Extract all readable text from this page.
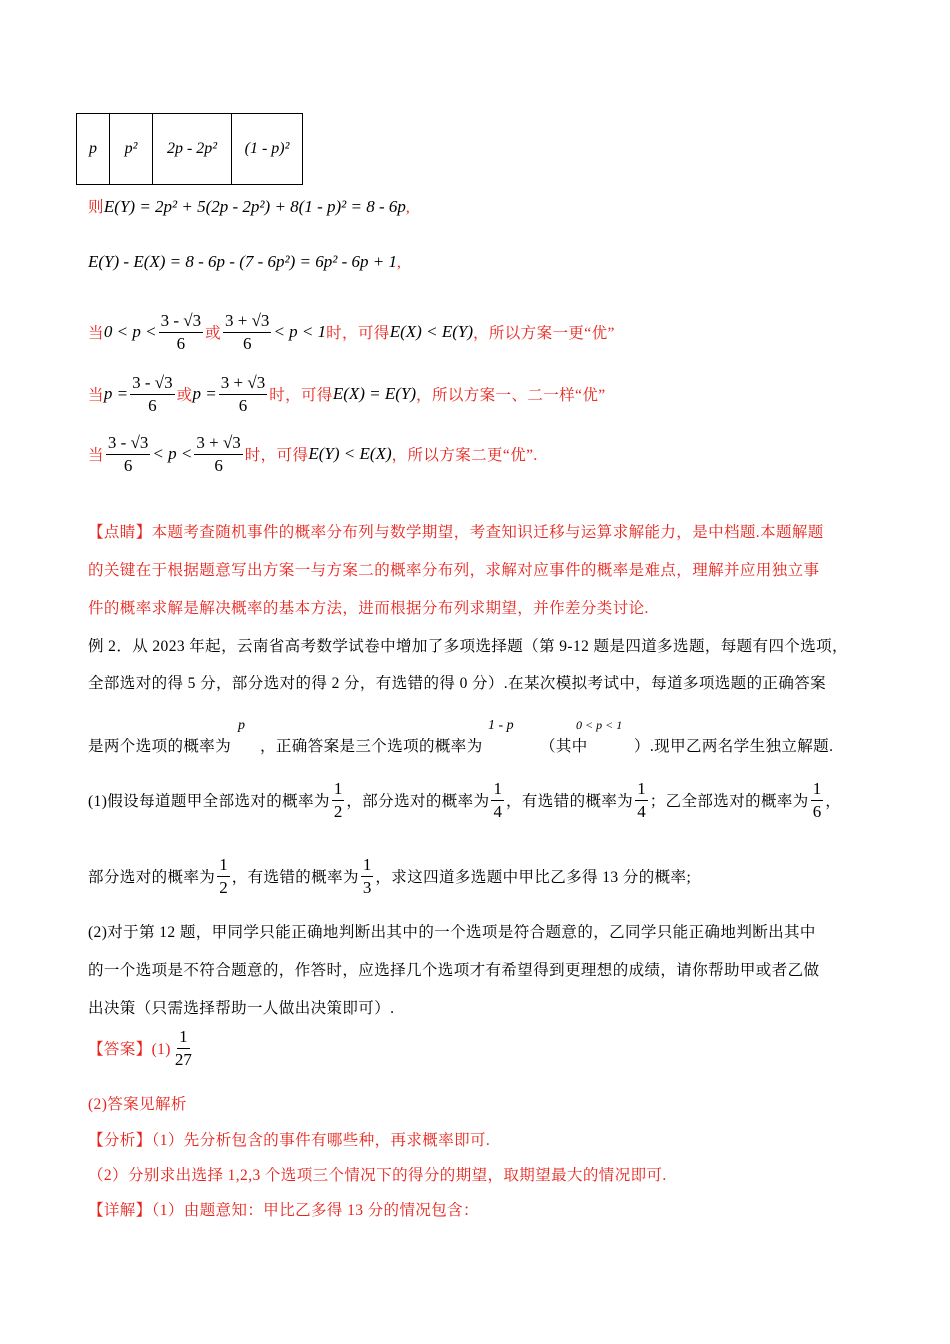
p	p²	2p - 2p²	(1 - p)²
则E(Y) = 2p² + 5(2p - 2p²) + 8(1 - p)² = 8 - 6p,
E(Y) - E(X) = 8 - 6p - (7 - 6p²) = 6p² - 6p + 1,
当 $0 < p < \frac{3 - √3}{6}$ 或 $\frac{3 + √3}{6} < p < 1$ 时，可得 E(X) < E(Y) ，所以方案一更“优”
当 $p = \frac{3 - √3}{6}$ 或 $p = \frac{3 + √3}{6}$ 时，可得 E(X) = E(Y) ，所以方案一、二一样“优”
当 $\frac{3 - √3}{6} < p < \frac{3 + √3}{6}$ 时，可得 E(Y) < E(X) ，所以方案二更“优”.
【点睛】本题考查随机事件的概率分布列与数学期望，考查知识迁移与运算求解能力，是中档题.本题解题
的关键在于根据题意写出方案一与方案二的概率分布列，求解对应事件的概率是难点，理解并应用独立事
件的概率求解是解决概率的基本方法，进而根据分布列求期望，并作差分类讨论.
例 2．从 2023 年起，云南省高考数学试卷中增加了多项选择题（第 9-12 题是四道多选题，每题有四个选项，
全部选对的得 5 分，部分选对的得 2 分，有选错的得 0 分）.在某次模拟考试中，每道多项选题的正确答案
是两个选项的概率为
p
，正确答案是三个选项的概率为
1 - p
（其中
0 < p < 1
）.现甲乙两名学生独立解题.
(1)假设每道题甲全部选对的概率为 $\frac{1}{2}$ ，部分选对的概率为 $\frac{1}{4}$ ，有选错的概率为 $\frac{1}{4}$ ；乙全部选对的概率为 $\frac{1}{6}$ ，
部分选对的概率为 $\frac{1}{2}$ ，有选错的概率为 $\frac{1}{3}$ ，求这四道多选题中甲比乙多得 13 分的概率;
(2)对于第 12 题，甲同学只能正确地判断出其中的一个选项是符合题意的，乙同学只能正确地判断出其中
的一个选项是不符合题意的，作答时，应选择几个选项才有希望得到更理想的成绩，请你帮助甲或者乙做
出决策（只需选择帮助一人做出决策即可）.
【答案】$(1) \frac{1}{27}$
(2)答案见解析
【分析】（1）先分析包含的事件有哪些种，再求概率即可.
（2）分别求出选择 1,2,3 个选项三个情况下的得分的期望，取期望最大的情况即可.
【详解】（1）由题意知：甲比乙多得 13 分的情况包含：
